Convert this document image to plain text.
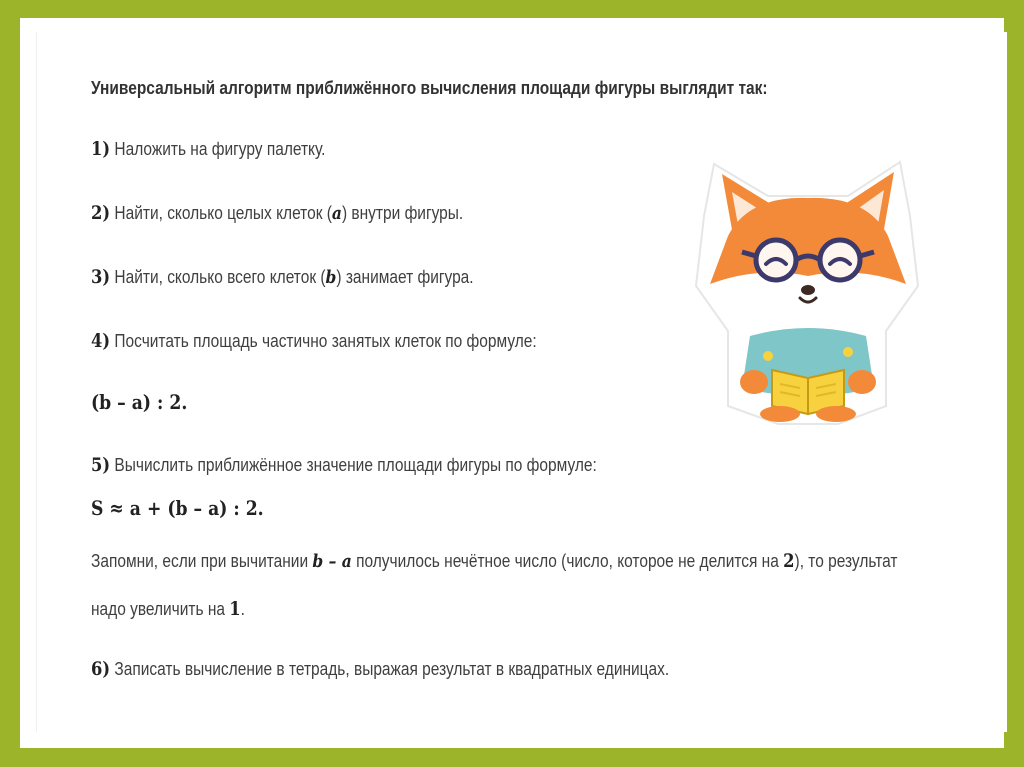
Универсальный алгоритм приближённого вычисления площади фигуры выглядит так:

1) Наложить на фигуру палетку.

2) Найти, сколько целых клеток (a) внутри фигуры.

3) Найти, сколько всего клеток (b) занимает фигура.

4) Посчитать площадь частично занятых клеток по формуле:

(b – a) : 2.

5) Вычислить приближённое значение площади фигуры по формуле:

S ≈ a + (b – a) : 2.

Запомни, если при вычитании b – a получилось нечётное число (число, которое не делится на 2), то результат

надо увеличить на 1.

6) Записать вычисление в тетрадь, выражая результат в квадратных единицах.
